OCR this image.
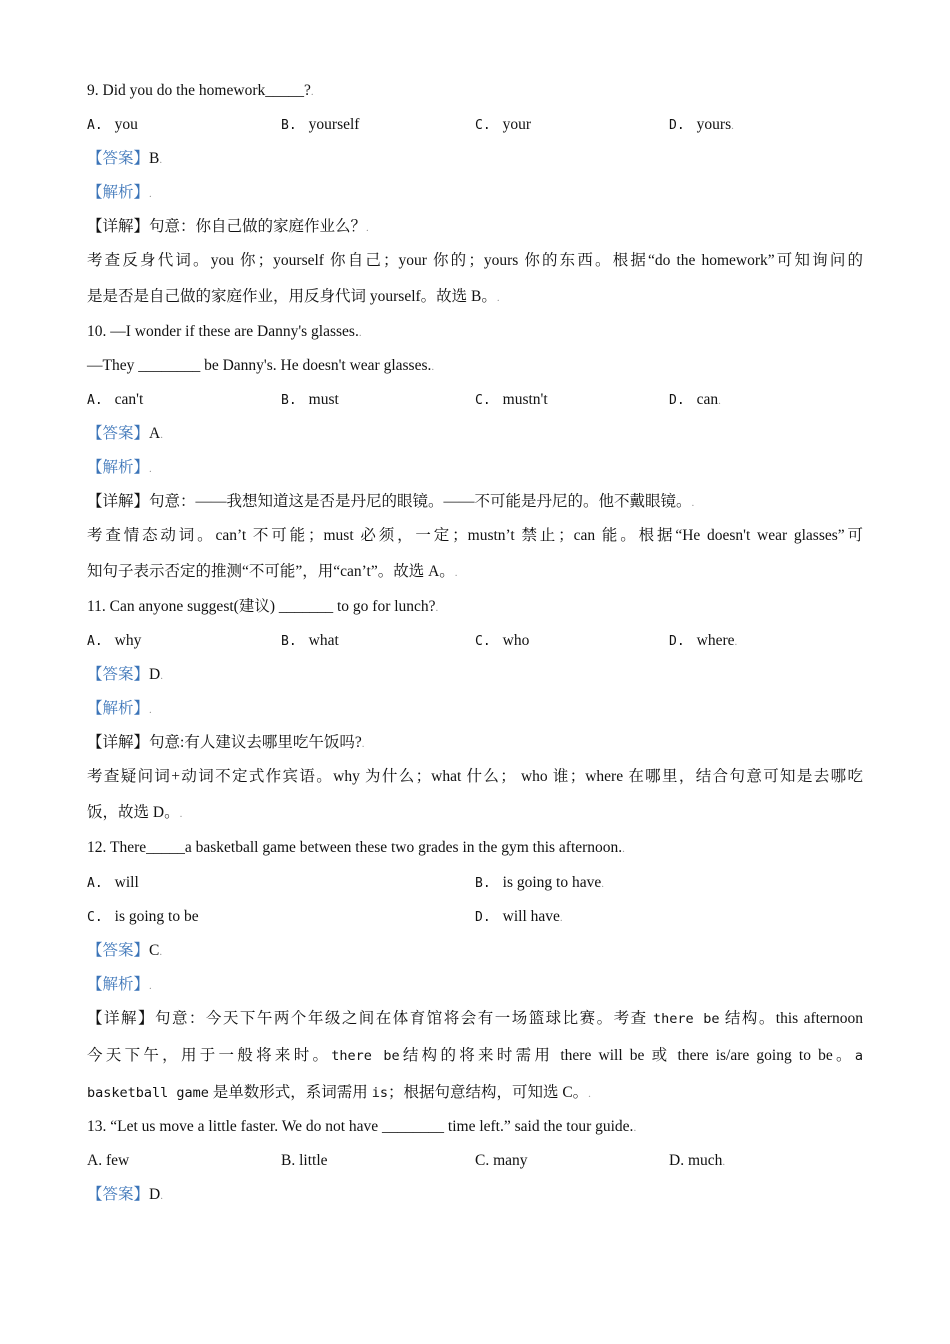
9. Did you do the homework_____?.
A. you	B. yourself	C. your	D. yours.
【答案】B.
【解析】.
【详解】句意：你自己做的家庭作业么？.
考查反身代词。you 你；yourself 你自己；your 你的；yours 你的东西。根据“do the homework”可知询问的
是是否是自己做的家庭作业，用反身代词 yourself。故选 B。.
10. —I wonder if these are Danny's glasses..
—They ________ be Danny's. He doesn't wear glasses..
A. can't	B. must	C. mustn't	D. can.
【答案】A.
【解析】.
【详解】句意：——我想知道这是否是丹尼的眼镜。——不可能是丹尼的。他不戴眼镜。.
考查情态动词。can’t 不可能；must 必须，一定；mustn’t 禁止；can 能。根据“He doesn't wear glasses”可
知句子表示否定的推测“不可能”，用“can’t”。故选 A。.
11. Can anyone suggest(建议) _______ to go for lunch?.
A. why	B. what	C. who	D. where.
【答案】D.
【解析】.
【详解】句意:有人建议去哪里吃午饭吗?.
考查疑问词+动词不定式作宾语。why 为什么；what 什么； who 谁；where 在哪里，结合句意可知是去哪吃
饭，故选 D。.
12. There_____a basketball game between these two grades in the gym this afternoon..
A. will	B. is going to have.
C. is going to be	D. will have.
【答案】C.
【解析】.
【详解】句意：今天下午两个年级之间在体育馆将会有一场篮球比赛。考查 there be 结构。this afternoon
今天下午，用于一般将来时。there be结构的将来时需用 there will be 或 there is/are going to be。a
basketball game 是单数形式，系词需用 is；根据句意结构，可知选 C。.
13. “Let us move a little faster. We do not have ________ time left.” said the tour guide..
A. few	B. little	C. many	D. much.
【答案】D.
